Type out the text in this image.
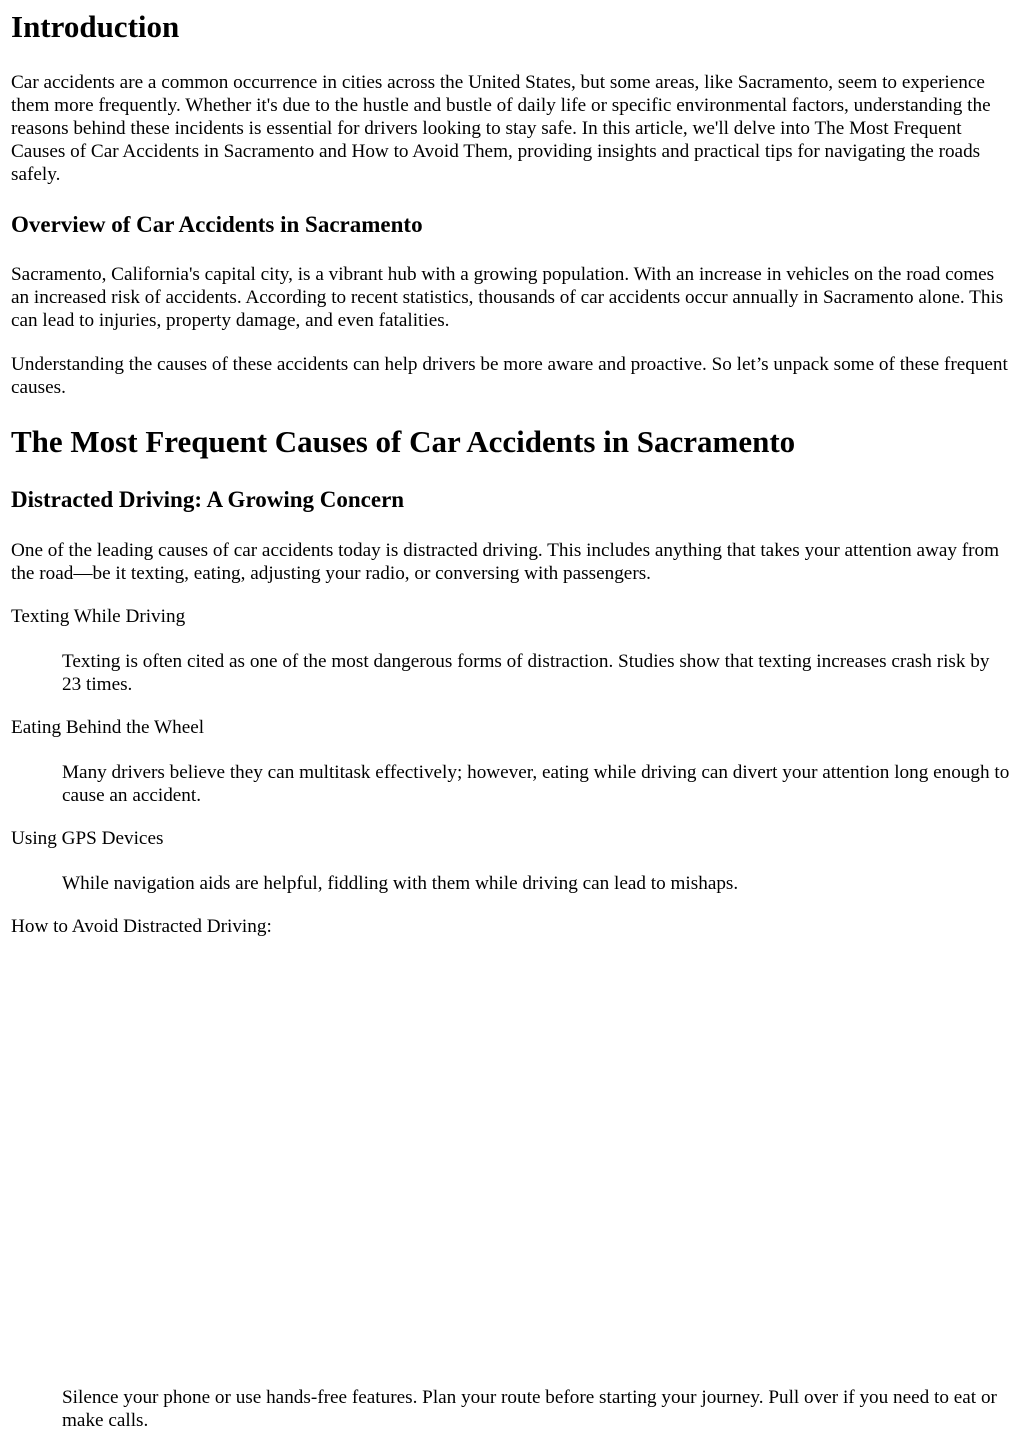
Introduction

Car accidents are a common occurrence in cities across the United States, but some areas, like Sacramento, seem to experience them more frequently. Whether it's due to the hustle and bustle of daily life or specific environmental factors, understanding the reasons behind these incidents is essential for drivers looking to stay safe. In this article, we'll delve into The Most Frequent Causes of Car Accidents in Sacramento and How to Avoid Them, providing insights and practical tips for navigating the roads safely.

Overview of Car Accidents in Sacramento

Sacramento, California's capital city, is a vibrant hub with a growing population. With an increase in vehicles on the road comes an increased risk of accidents. According to recent statistics, thousands of car accidents occur annually in Sacramento alone. This can lead to injuries, property damage, and even fatalities.

Understanding the causes of these accidents can help drivers be more aware and proactive. So let’s unpack some of these frequent causes.

The Most Frequent Causes of Car Accidents in Sacramento
Distracted Driving: A Growing Concern

One of the leading causes of car accidents today is distracted driving. This includes anything that takes your attention away from the road—be it texting, eating, adjusting your radio, or conversing with passengers.

Texting While Driving
Texting is often cited as one of the most dangerous forms of distraction. Studies show that texting increases crash risk by 23 times.
Eating Behind the Wheel
Many drivers believe they can multitask effectively; however, eating while driving can divert your attention long enough to cause an accident.
Using GPS Devices
While navigation aids are helpful, fiddling with them while driving can lead to mishaps.
How to Avoid Distracted Driving:
Silence your phone or use hands-free features. Plan your route before starting your journey. Pull over if you need to eat or make calls.
